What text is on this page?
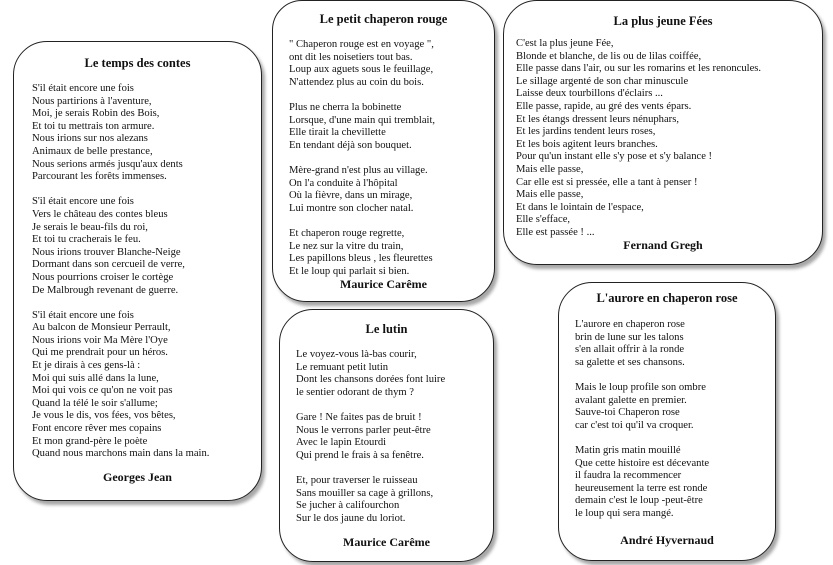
Le temps des contes
S'il était encore une fois
Nous partirions à l'aventure,
Moi, je serais Robin des Bois,
Et toi tu mettrais ton armure.
Nous irions sur nos alezans
Animaux de belle prestance,
Nous serions armés jusqu'aux dents
Parcourant les forêts immenses.
S'il était encore une fois
Vers le château des contes bleus
Je serais le beau-fils du roi,
Et toi tu cracherais le feu.
Nous irions trouver Blanche-Neige
Dormant dans son cercueil de verre,
Nous pourrions croiser le cortège
De Malbrough revenant de guerre.
S'il était encore une fois
Au balcon de Monsieur Perrault,
Nous irions voir Ma Mère l'Oye
Qui me prendrait pour un héros.
Et je dirais à ces gens-là :
Moi qui suis allé dans la lune,
Moi qui vois ce qu'on ne voit pas
Quand la télé le soir s'allume;
Je vous le dis, vos fées, vos bêtes,
Font encore rêver mes copains
Et mon grand-père le poète
Quand nous marchons main dans la main.
Georges Jean
Le petit chaperon rouge
" Chaperon rouge est en voyage ",
ont dit les noisetiers tout bas.
Loup aux aguets sous le feuillage,
N'attendez plus au coin du bois.
Plus ne cherra la bobinette
Lorsque, d'une main qui tremblait,
Elle tirait la chevillette
En tendant déjà son bouquet.
Mère-grand n'est plus au village.
On l'a conduite à l'hôpital
Où la fièvre, dans un mirage,
Lui montre son clocher natal.
Et chaperon rouge regrette,
Le nez sur la vitre du train,
Les papillons bleus , les fleurettes
Et le loup qui parlait si bien.
Maurice Carême
Le lutin
Le voyez-vous là-bas courir,
Le remuant petit lutin
Dont les chansons dorées font luire
le sentier odorant de thym ?
Gare ! Ne faites pas de bruit !
Nous le verrons parler peut-être
Avec le lapin Etourdi
Qui prend le frais à sa fenêtre.
Et, pour traverser le ruisseau
Sans mouiller sa cage à grillons,
Se jucher à califourchon
Sur le dos jaune du loriot.
Maurice Carême
La plus jeune Fées
C'est la plus jeune Fée,
Blonde et blanche, de lis ou de lilas coiffée,
Elle passe dans l'air, ou sur les romarins et les renoncules.
Le sillage argenté de son char minuscule
Laisse deux tourbillons d'éclairs ...
Elle passe, rapide, au gré des vents épars.
Et les étangs dressent leurs nénuphars,
Et les jardins tendent leurs roses,
Et les bois agitent leurs branches.
Pour qu'un instant elle s'y pose et s'y balance !
Mais elle passe,
Car elle est si pressée, elle a tant à penser !
Mais elle passe,
Et dans le lointain de l'espace,
Elle s'efface,
Elle est passée ! ...
Fernand Gregh
L'aurore en chaperon rose
L'aurore en chaperon rose
brin de lune sur les talons
s'en allait offrir à la ronde
sa galette et ses chansons.
Mais le loup profile son ombre
avalant galette en premier.
Sauve-toi Chaperon rose
car c'est toi qu'il va croquer.
Matin gris matin mouillé
Que cette histoire est décevante
il faudra la recommencer
heureusement la terre est ronde
demain c'est le loup -peut-être
le loup qui sera mangé.
André Hyvernaud
